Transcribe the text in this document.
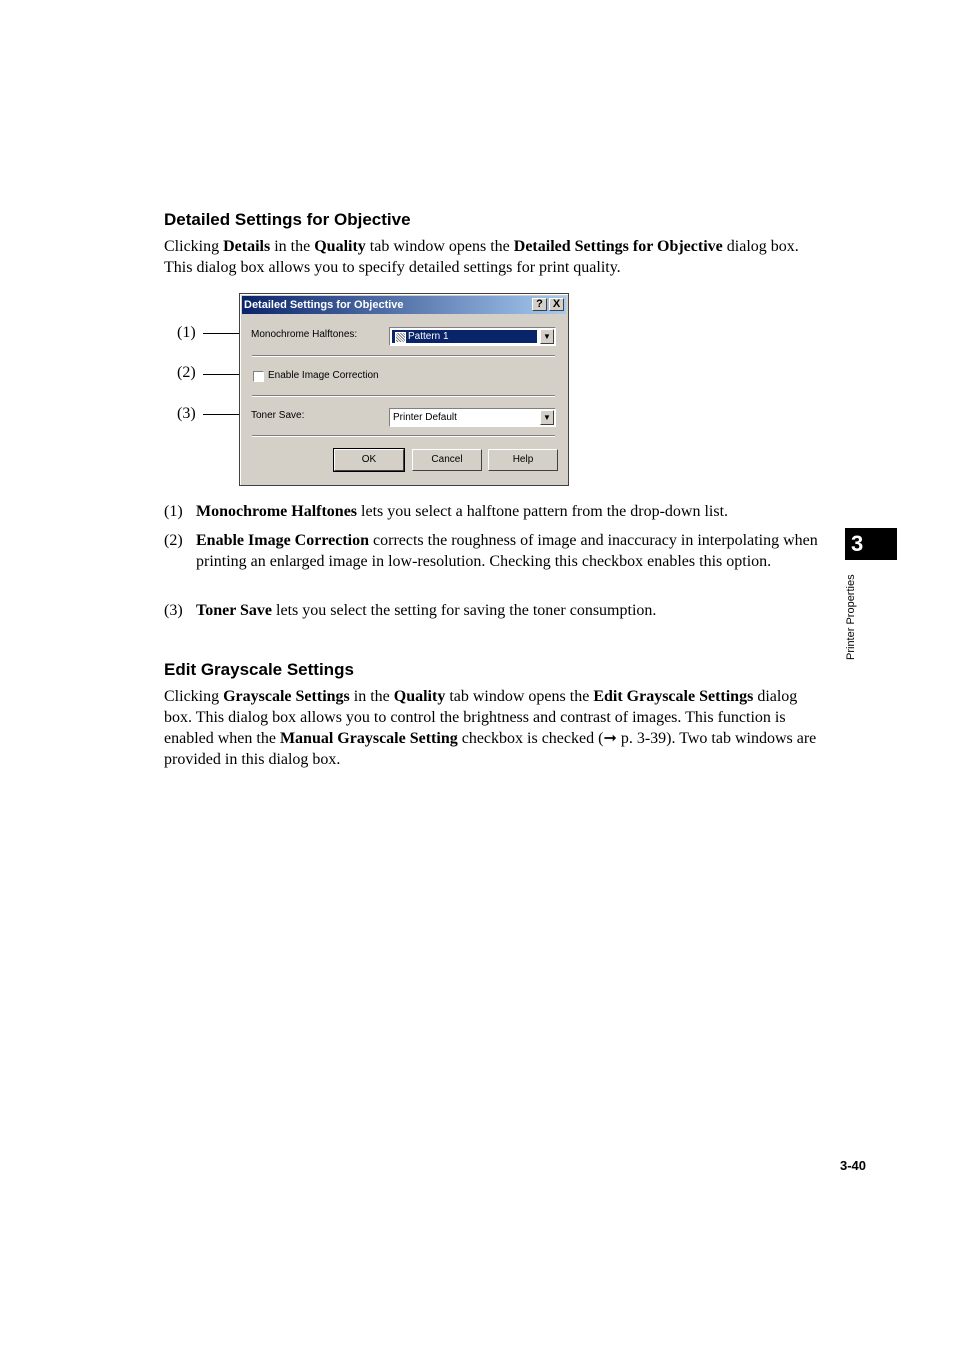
Detailed Settings for Objective
Clicking Details in the Quality tab window opens the Detailed Settings for Objective dialog box. This dialog box allows you to specify detailed settings for print quality.
(1)
(2)
(3)
Detailed Settings for Objective	? X
Monochrome Halftones:	Pattern 1	▼
Enable Image Correction
Toner Save:	Printer Default	▼
OK	Cancel	Help
(1) Monochrome Halftones lets you select a halftone pattern from the drop-down list.
(2) Enable Image Correction corrects the roughness of image and inaccuracy in interpolating when printing an enlarged image in low-resolution. Checking this checkbox enables this option.
(3) Toner Save lets you select the setting for saving the toner consumption.
Edit Grayscale Settings
Clicking Grayscale Settings in the Quality tab window opens the Edit Grayscale Settings dialog box. This dialog box allows you to control the brightness and contrast of images. This function is enabled when the Manual Grayscale Setting checkbox is checked (➞ p. 3-39). Two tab windows are provided in this dialog box.
3
Printer Properties
3-40
